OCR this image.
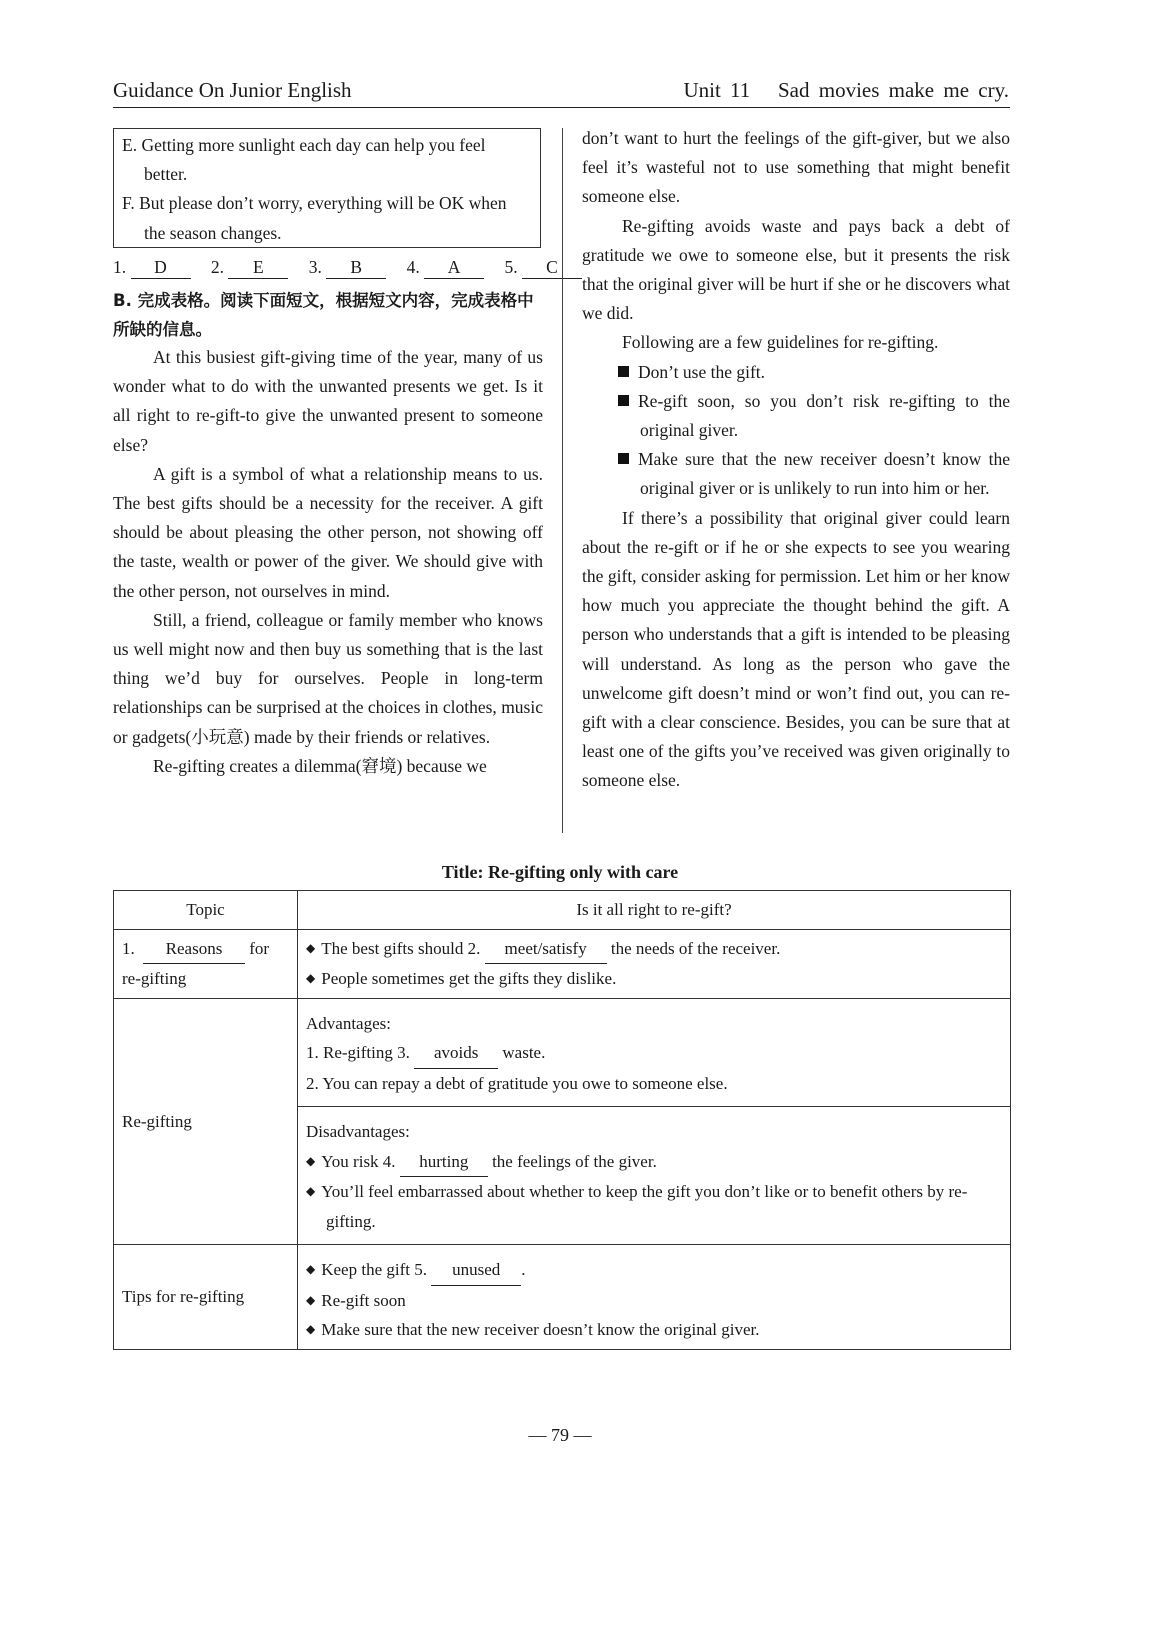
Guidance On Junior English	Unit 11   Sad movies make me cry.

E. Getting more sunlight each day can help you feel better.

F. But please don’t worry, everything will be OK when the season changes.

1. D	2. E	3. B	4. A	5. C
B. 完成表格。阅读下面短文，根据短文内容，完成表格中所缺的信息。

At this busiest gift-giving time of the year, many of us wonder what to do with the unwanted presents we get. Is it all right to re-gift-to give the unwanted present to someone else?

A gift is a symbol of what a relationship means to us. The best gifts should be a necessity for the receiver. A gift should be about pleasing the other person, not showing off the taste, wealth or power of the giver. We should give with the other person, not ourselves in mind.

Still, a friend, colleague or family member who knows us well might now and then buy us something that is the last thing we’d buy for ourselves. People in long-term relationships can be surprised at the choices in clothes, music or gadgets(小玩意) made by their friends or relatives.

Re-gifting creates a dilemma(窘境) because we

don’t want to hurt the feelings of the gift-giver, but we also feel it’s wasteful not to use something that might benefit someone else.

Re-gifting avoids waste and pays back a debt of gratitude we owe to someone else, but it presents the risk that the original giver will be hurt if she or he discovers what we did.

Following are a few guidelines for re-gifting.

Don’t use the gift.

Re-gift soon, so you don’t risk re-gifting to the original giver.

Make sure that the new receiver doesn’t know the original giver or is unlikely to run into him or her.

If there’s a possibility that original giver could learn about the re-gift or if he or she expects to see you wearing the gift, consider asking for permission. Let him or her know how much you appreciate the thought behind the gift. A person who understands that a gift is intended to be pleasing will understand. As long as the person who gave the unwelcome gift doesn’t mind or won’t find out, you can re-gift with a clear conscience. Besides, you can be sure that at least one of the gifts you’ve received was given originally to someone else.

Title: Re-gifting only with care
Topic	Is it all right to re-gift?
1. Reasons for re-gifting	◆ The best gifts should 2. meet/satisfy the needs of the receiver.
◆ People sometimes get the gifts they dislike.

Re-gifting	Advantages:
1. Re-gifting 3. avoids waste.
2. You can repay a debt of gratitude you owe to someone else.

	Disadvantages:
◆ You risk 4. hurting the feelings of the giver.
◆ You’ll feel embarrassed about whether to keep the gift you don’t like or to benefit others by re-gifting.

Tips for re-gifting	◆ Keep the gift 5. unused .
◆ Re-gift soon
◆ Make sure that the new receiver doesn’t know the original giver.
— 79 —
